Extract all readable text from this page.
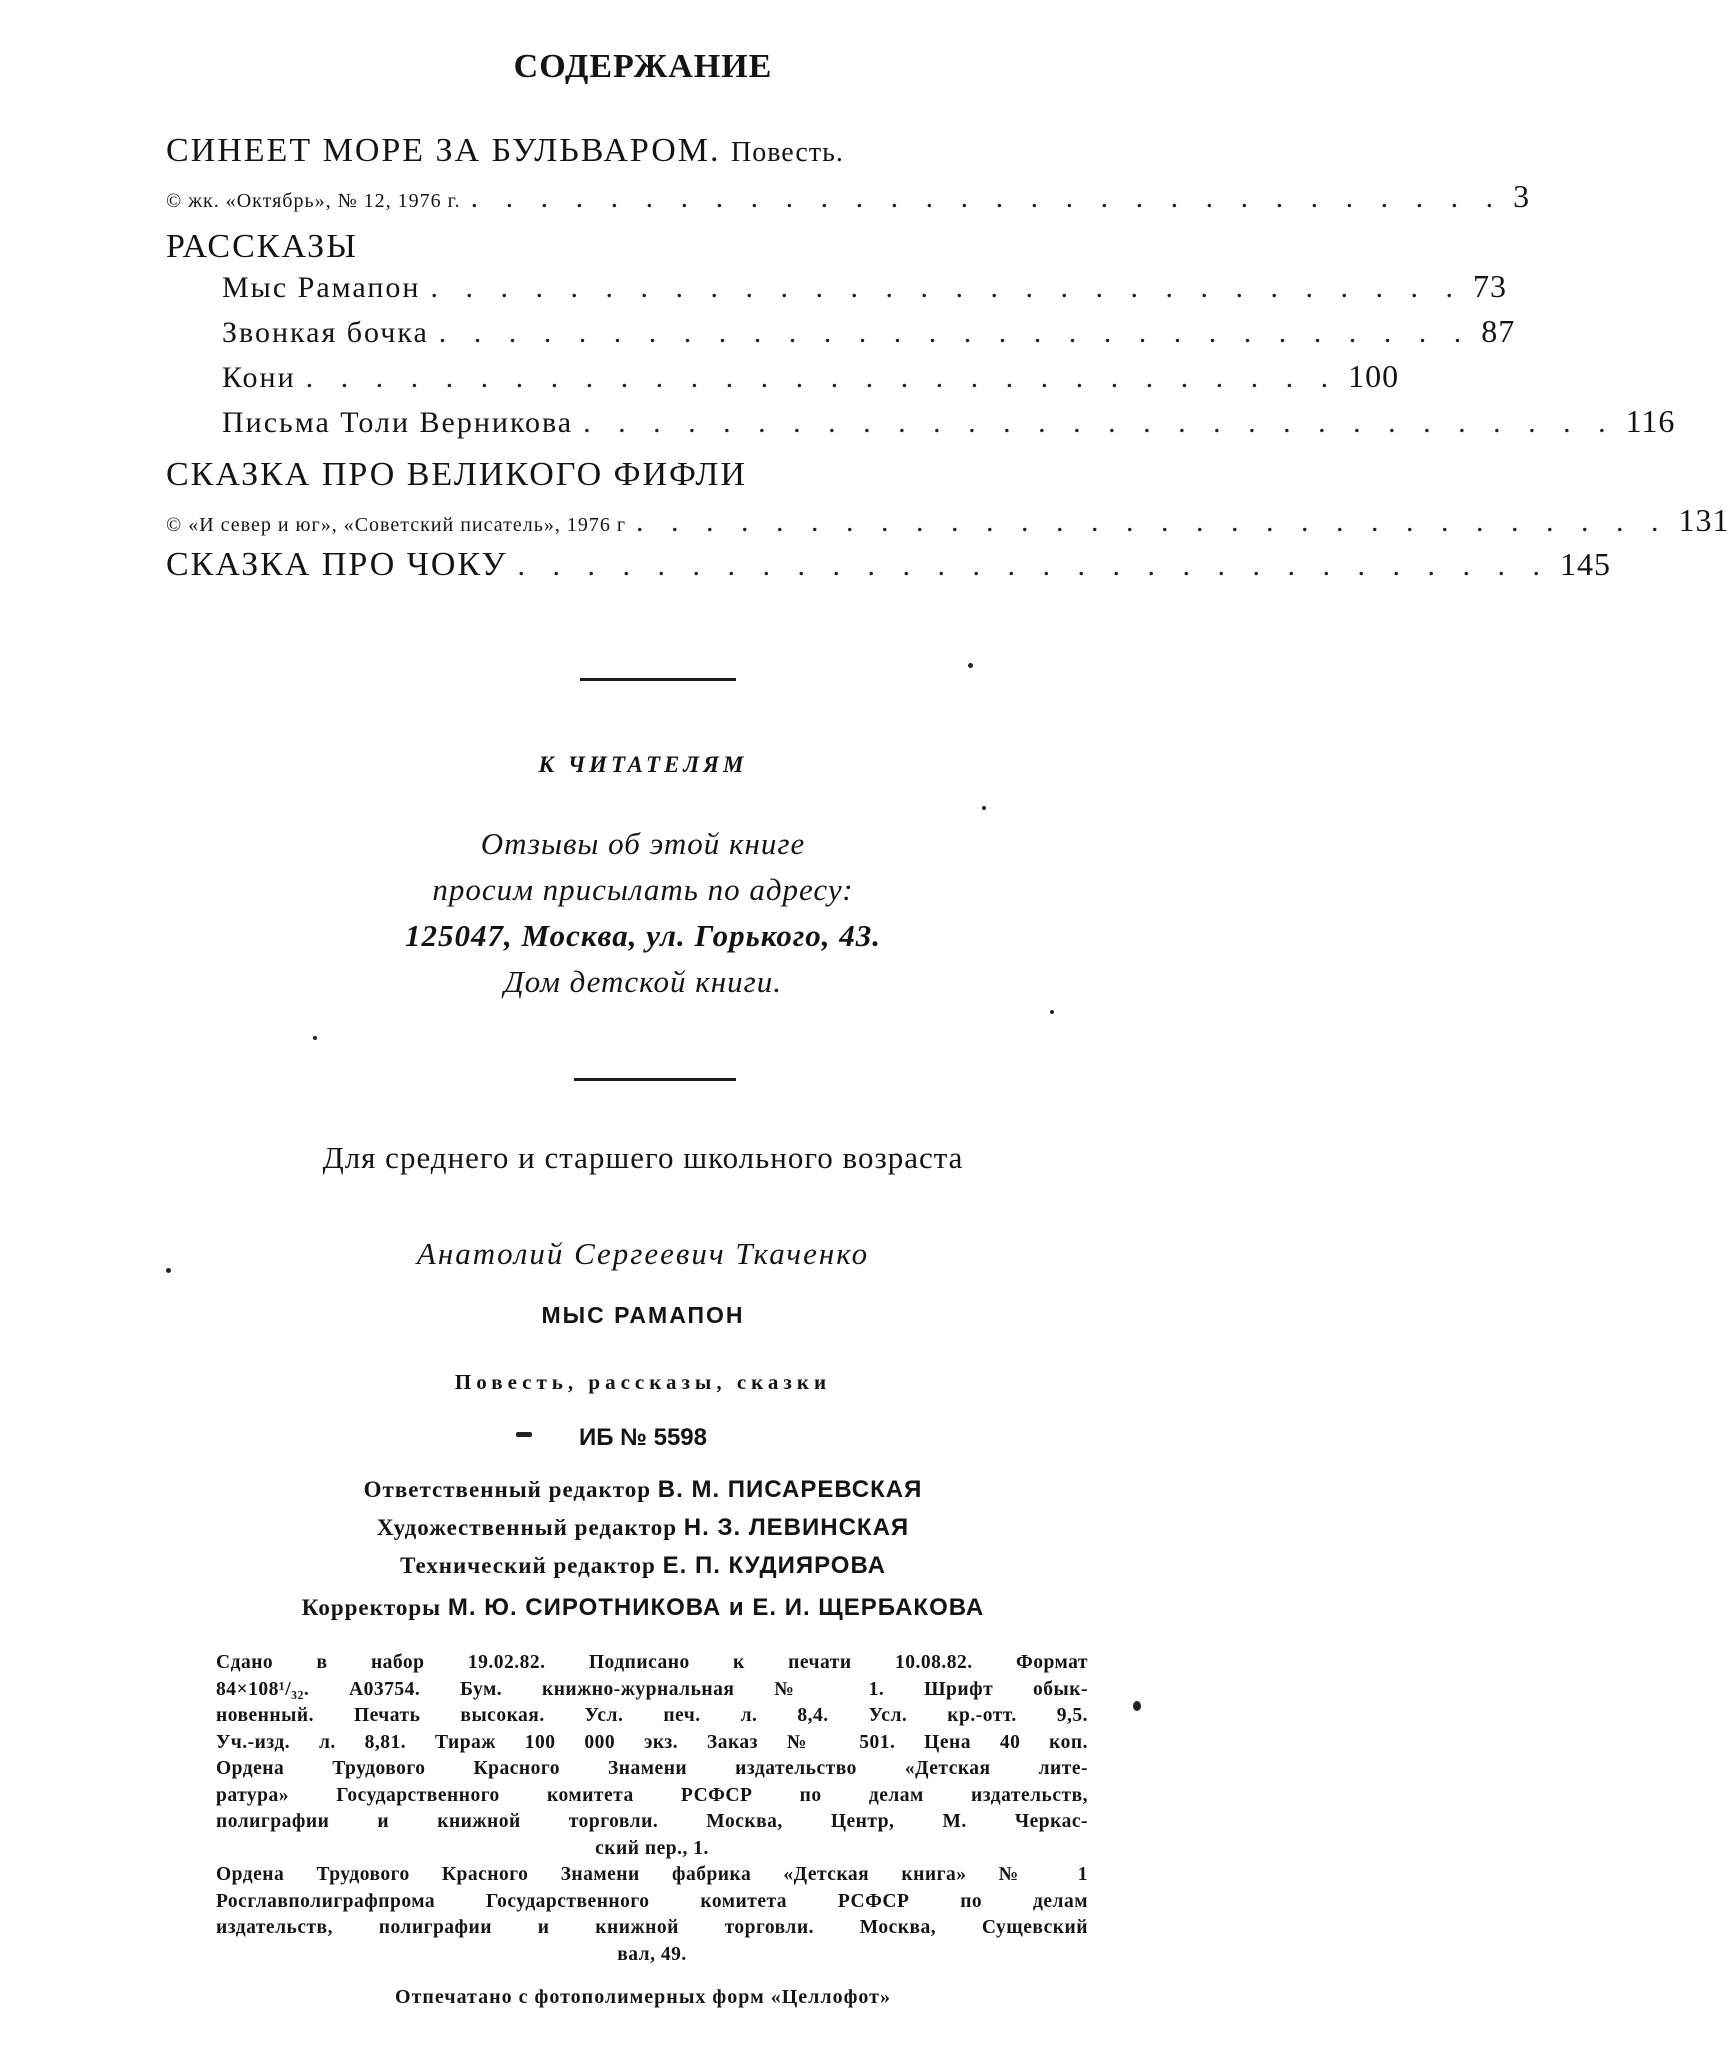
СОДЕРЖАНИЕ
СИНЕЕТ МОРЕ ЗА БУЛЬВАРОМ. Повесть.
© жк. «Октябрь», № 12, 1976 г. . . . . . . . . . . . . . . . . . . . . . . . . . . . . . . 3
РАССКАЗЫ
Мыс Рамапон . . . . . . . . . . . . . . . . . . . . . . . . . . . . . . 73
Звонкая бочка . . . . . . . . . . . . . . . . . . . . . . . . . . . . . . 87
Кони . . . . . . . . . . . . . . . . . . . . . . . . . . . . . . 100
Письма Толи Верникова . . . . . . . . . . . . . . . . . . . . . . . . . . . . . . 116
СКАЗКА ПРО ВЕЛИКОГО ФИФЛИ
© «И север и юг», «Советский писатель», 1976 г . . . . . . . . . . . . . . . . . . . . . . . . . . . . . . 131
СКАЗКА ПРО ЧОКУ . . . . . . . . . . . . . . . . . . . . . . . . . . . . . . 145
К ЧИТАТЕЛЯМ
Отзывы об этой книге
просим присылать по адресу:
125047, Москва, ул. Горького, 43.
Дом детской книги.
Для среднего и старшего школьного возраста
Анатолий Сергеевич Ткаченко
МЫС РАМАПОН
Повесть, рассказы, сказки
ИБ № 5598
Ответственный редактор В. М. ПИСАРЕВСКАЯ
Художественный редактор Н. З. ЛЕВИНСКАЯ
Технический редактор Е. П. КУДИЯРОВА
Корректоры М. Ю. СИРОТНИКОВА и Е. И. ЩЕРБАКОВА
Сдано в набор 19.02.82. Подписано к печати 10.08.82. Формат
84×108¹/₃₂. А03754. Бум. книжно-журнальная № 1. Шрифт обык-
новенный. Печать высокая. Усл. печ. л. 8,4. Усл. кр.-отт. 9,5.
Уч.-изд. л. 8,81. Тираж 100 000 экз. Заказ № 501. Цена 40 коп.
Ордена Трудового Красного Знамени издательство «Детская лите-
ратура» Государственного комитета РСФСР по делам издательств,
полиграфии и книжной торговли. Москва, Центр, М. Черкас-
ский пер., 1.
Ордена Трудового Красного Знамени фабрика «Детская книга» № 1
Росглавполиграфпрома Государственного комитета РСФСР по делам
издательств, полиграфии и книжной торговли. Москва, Сущевский
вал, 49.
Отпечатано с фотополимерных форм «Целлофот»
